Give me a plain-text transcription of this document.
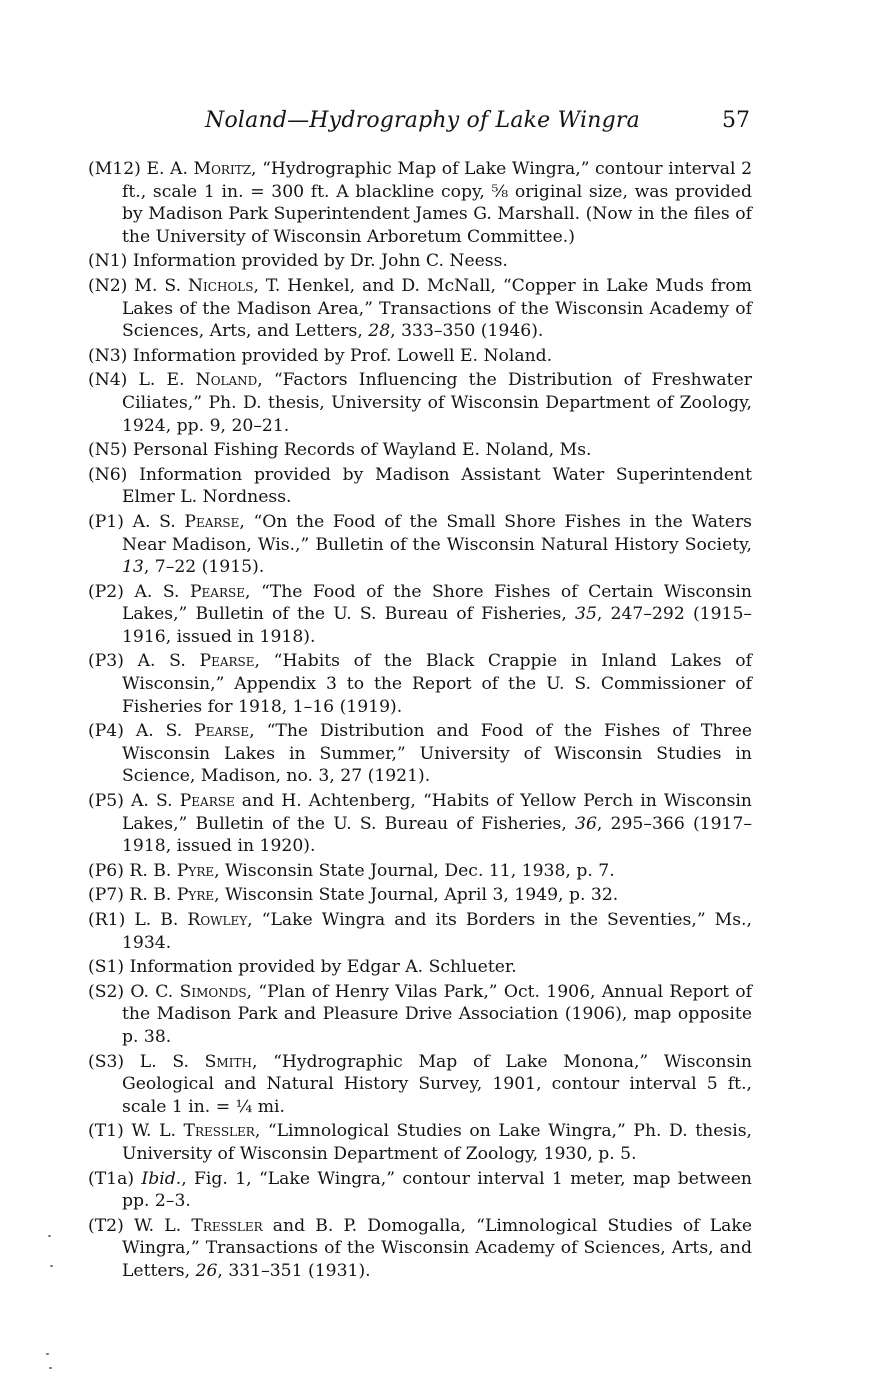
Noland—Hydrography of Lake Wingra	57
(M12) E. A. Moritz, “Hydrographic Map of Lake Wingra,” contour interval 2 ft., scale 1 in. = 300 ft. A blackline copy, ⅝ original size, was provided by Madison Park Superintendent James G. Marshall. (Now in the files of the University of Wisconsin Arboretum Committee.)
(N1) Information provided by Dr. John C. Neess.
(N2) M. S. Nichols, T. Henkel, and D. McNall, “Copper in Lake Muds from Lakes of the Madison Area,” Transactions of the Wisconsin Academy of Sciences, Arts, and Letters, 28, 333–350 (1946).
(N3) Information provided by Prof. Lowell E. Noland.
(N4) L. E. Noland, “Factors Influencing the Distribution of Freshwater Ciliates,” Ph. D. thesis, University of Wisconsin Department of Zoology, 1924, pp. 9, 20–21.
(N5) Personal Fishing Records of Wayland E. Noland, Ms.
(N6) Information provided by Madison Assistant Water Superintendent Elmer L. Nordness.
(P1) A. S. Pearse, “On the Food of the Small Shore Fishes in the Waters Near Madison, Wis.,” Bulletin of the Wisconsin Natural History Society, 13, 7–22 (1915).
(P2) A. S. Pearse, “The Food of the Shore Fishes of Certain Wisconsin Lakes,” Bulletin of the U. S. Bureau of Fisheries, 35, 247–292 (1915–1916, issued in 1918).
(P3) A. S. Pearse, “Habits of the Black Crappie in Inland Lakes of Wisconsin,” Appendix 3 to the Report of the U. S. Commissioner of Fisheries for 1918, 1–16 (1919).
(P4) A. S. Pearse, “The Distribution and Food of the Fishes of Three Wisconsin Lakes in Summer,” University of Wisconsin Studies in Science, Madison, no. 3, 27 (1921).
(P5) A. S. Pearse and H. Achtenberg, “Habits of Yellow Perch in Wisconsin Lakes,” Bulletin of the U. S. Bureau of Fisheries, 36, 295–366 (1917–1918, issued in 1920).
(P6) R. B. Pyre, Wisconsin State Journal, Dec. 11, 1938, p. 7.
(P7) R. B. Pyre, Wisconsin State Journal, April 3, 1949, p. 32.
(R1) L. B. Rowley, “Lake Wingra and its Borders in the Seventies,” Ms., 1934.
(S1) Information provided by Edgar A. Schlueter.
(S2) O. C. Simonds, “Plan of Henry Vilas Park,” Oct. 1906, Annual Report of the Madison Park and Pleasure Drive Association (1906), map opposite p. 38.
(S3) L. S. Smith, “Hydrographic Map of Lake Monona,” Wisconsin Geological and Natural History Survey, 1901, contour interval 5 ft., scale 1 in. = ¼ mi.
(T1) W. L. Tressler, “Limnological Studies on Lake Wingra,” Ph. D. thesis, University of Wisconsin Department of Zoology, 1930, p. 5.
(T1a) Ibid., Fig. 1, “Lake Wingra,” contour interval 1 meter, map between pp. 2–3.
(T2) W. L. Tressler and B. P. Domogalla, “Limnological Studies of Lake Wingra,” Transactions of the Wisconsin Academy of Sciences, Arts, and Letters, 26, 331–351 (1931).
